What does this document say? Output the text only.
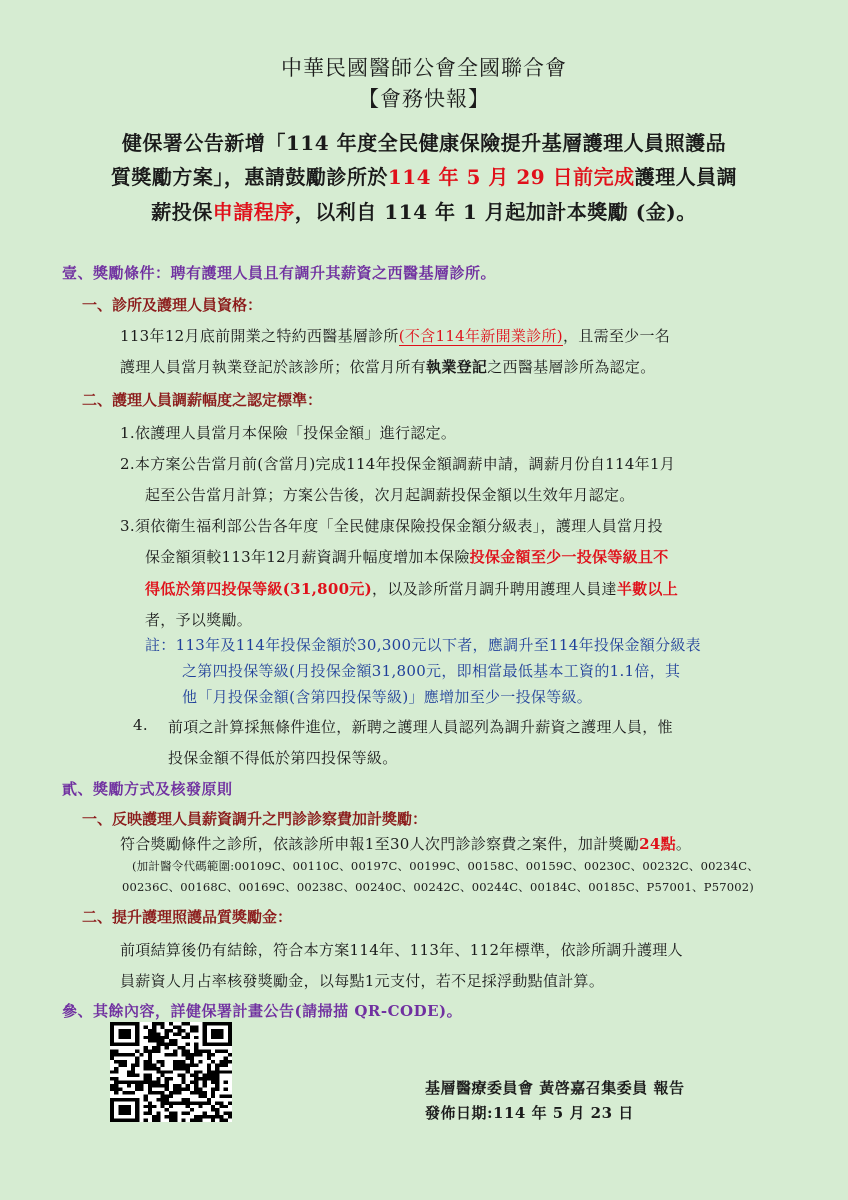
中華民國醫師公會全國聯合會
【會務快報】
健保署公告新增「114 年度全民健康保險提升基層護理人員照護品
質獎勵方案」，惠請鼓勵診所於114 年 5 月 29 日前完成護理人員調
薪投保申請程序，以利自 114 年 1 月起加計本獎勵 (金)。
壹、獎勵條件：聘有護理人員且有調升其薪資之西醫基層診所。
一、診所及護理人員資格：
113年12月底前開業之特約西醫基層診所(不含114年新開業診所)，且需至少一名
護理人員當月執業登記於該診所；依當月所有執業登記之西醫基層診所為認定。
二、護理人員調薪幅度之認定標準：
1.依護理人員當月本保險「投保金額」進行認定。
2.本方案公告當月前(含當月)完成114年投保金額調薪申請，調薪月份自114年1月
起至公告當月計算；方案公告後，次月起調薪投保金額以生效年月認定。
3.須依衛生福利部公告各年度「全民健康保險投保金額分級表」，護理人員當月投
保金額須較113年12月薪資調升幅度增加本保險投保金額至少一投保等級且不
得低於第四投保等級(31,800元)，以及診所當月調升聘用護理人員達半數以上
者，予以獎勵。
註：113年及114年投保金額於30,300元以下者，應調升至114年投保金額分級表
之第四投保等級(月投保金額31,800元，即相當最低基本工資的1.1倍，其
他「月投保金額(含第四投保等級)」應增加至少一投保等級。
4. 前項之計算採無條件進位，新聘之護理人員認列為調升薪資之護理人員，惟
投保金額不得低於第四投保等級。
貳、獎勵方式及核發原則
一、反映護理人員薪資調升之門診診察費加計獎勵：
符合獎勵條件之診所，依該診所申報1至30人次門診診察費之案件，加計獎勵24點。
(加計醫令代碼範圍:00109C、00110C、00197C、00199C、00158C、00159C、00230C、00232C、00234C、
00236C、00168C、00169C、00238C、00240C、00242C、00244C、00184C、00185C、P57001、P57002)
二、提升護理照護品質獎勵金：
前項結算後仍有結餘，符合本方案114年、113年、112年標準，依診所調升護理人
員薪資人月占率核發獎勵金，以每點1元支付，若不足採浮動點值計算。
參、其餘內容，詳健保署計畫公告(請掃描 QR-CODE)。
基層醫療委員會 黃啓嘉召集委員 報告
發佈日期:114 年 5 月 23 日
